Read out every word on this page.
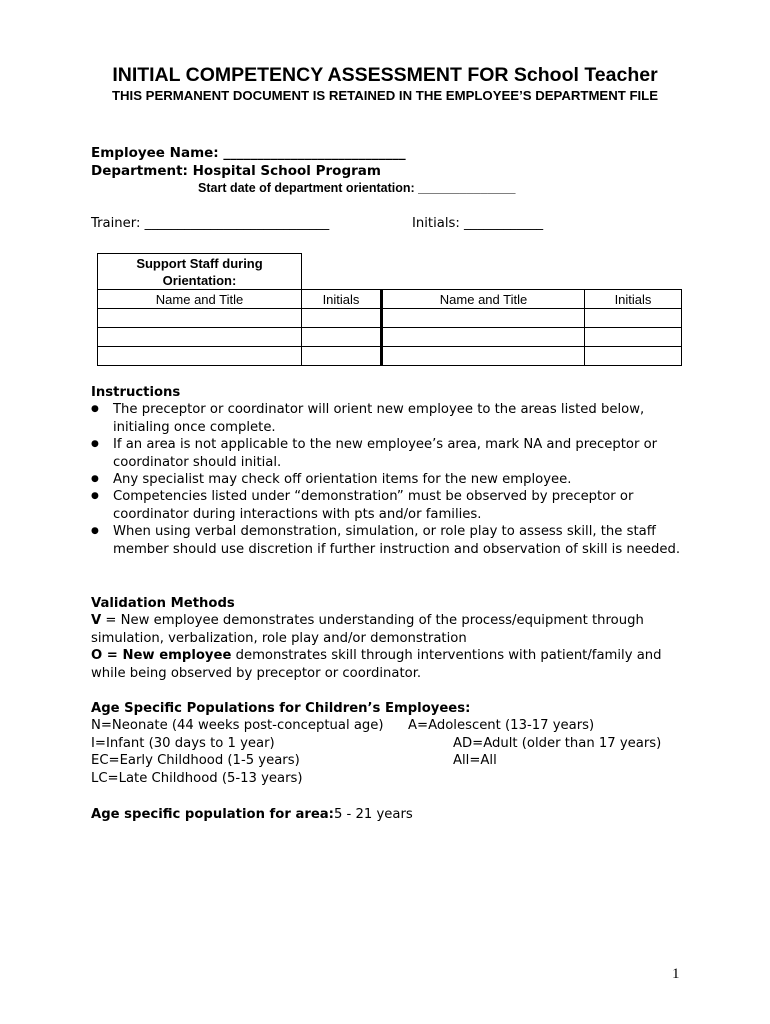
INITIAL COMPETENCY ASSESSMENT FOR School Teacher
THIS PERMANENT DOCUMENT IS RETAINED IN THE EMPLOYEE’S DEPARTMENT FILE
Employee Name: ___________________________
Department: Hospital School Program
Start date of department orientation: ______________
Trainer: ____________________________	Initials: ____________
Support Staff during Orientation:			
Name and Title	Initials	Name and Title	Initials

Instructions
● The preceptor or coordinator will orient new employee to the areas listed below, initialing once complete.
● If an area is not applicable to the new employee’s area, mark NA and preceptor or coordinator should initial.
● Any specialist may check off orientation items for the new employee.
● Competencies listed under “demonstration” must be observed by preceptor or coordinator during interactions with pts and/or families.
● When using verbal demonstration, simulation, or role play to assess skill, the staff member should use discretion if further instruction and observation of skill is needed.
Validation Methods
V = New employee demonstrates understanding of the process/equipment through simulation, verbalization, role play and/or demonstration
O = New employee demonstrates skill through interventions with patient/family and while being observed by preceptor or coordinator.
Age Specific Populations for Children’s Employees:
N=Neonate (44 weeks post-conceptual age)
I=Infant (30 days to 1 year)
EC=Early Childhood (1-5 years)
LC=Late Childhood (5-13 years)
A=Adolescent (13-17 years)
AD=Adult (older than 17 years)
All=All
Age specific population for area:5 - 21 years
1
